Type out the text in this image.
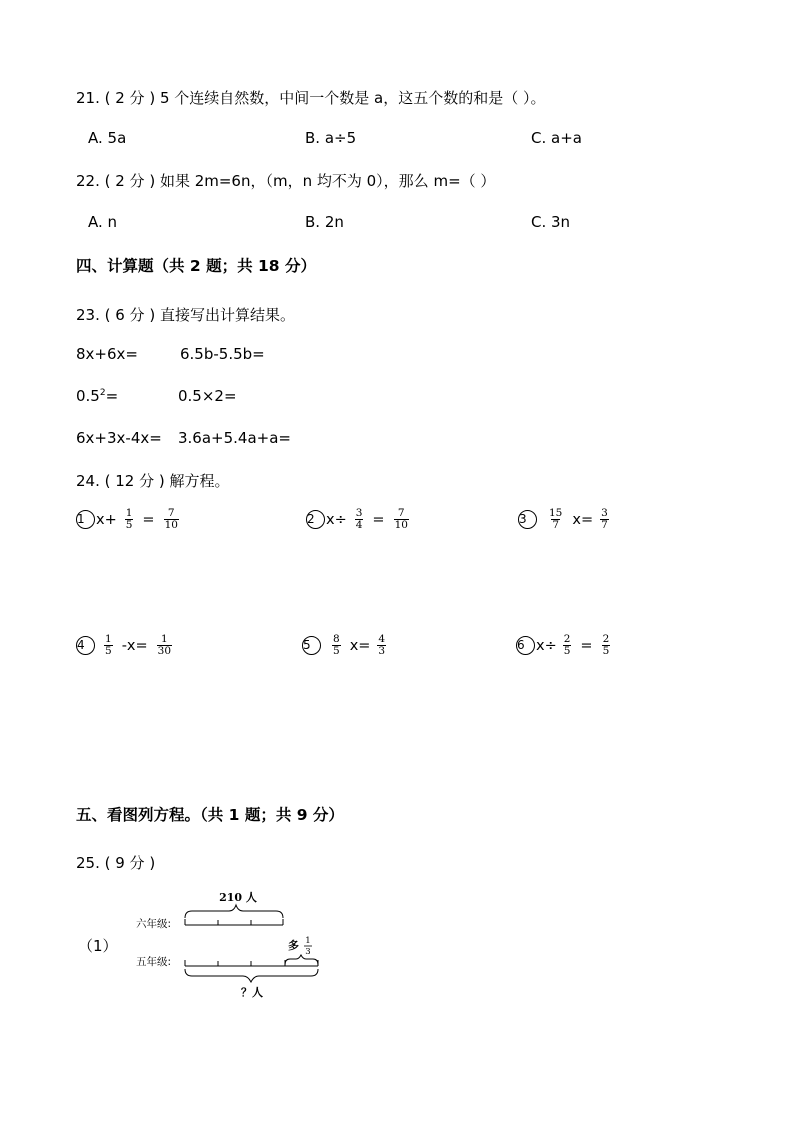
21. ( 2 分 ) 5 个连续自然数，中间一个数是 a，这五个数的和是（ ）。
A. 5a	B. a÷5	C. a+a
22. ( 2 分 ) 如果 2m=6n，（m，n 均不为 0），那么 m=（ ）
A. n	B. 2n	C. 3n
四、计算题（共 2 题；共 18 分）
23. ( 6 分 ) 直接写出计算结果。
8x+6x=	6.5b-5.5b=
$0.5^2=$	0.5×2=
6x+3x-4x= 3.6a+5.4a+a=
24. ( 12 分 ) 解方程。
1 $x+ \frac{1}{5} = \frac{7}{10}$	2 $x\div \frac{3}{4} = \frac{7}{10}$	3	$\frac{15}{7} x= \frac{3}{7}$
4	$\frac{1}{5} -x= \frac{1}{30}$	5	$\frac{8}{5} x= \frac{4}{3}$	6 $x\div \frac{2}{5} = \frac{2}{5}$
五、看图列方程。（共 1 题；共 9 分）
25. ( 9 分 )
（1）
210 人
六年级:
多 1
3
五年级:
？人
